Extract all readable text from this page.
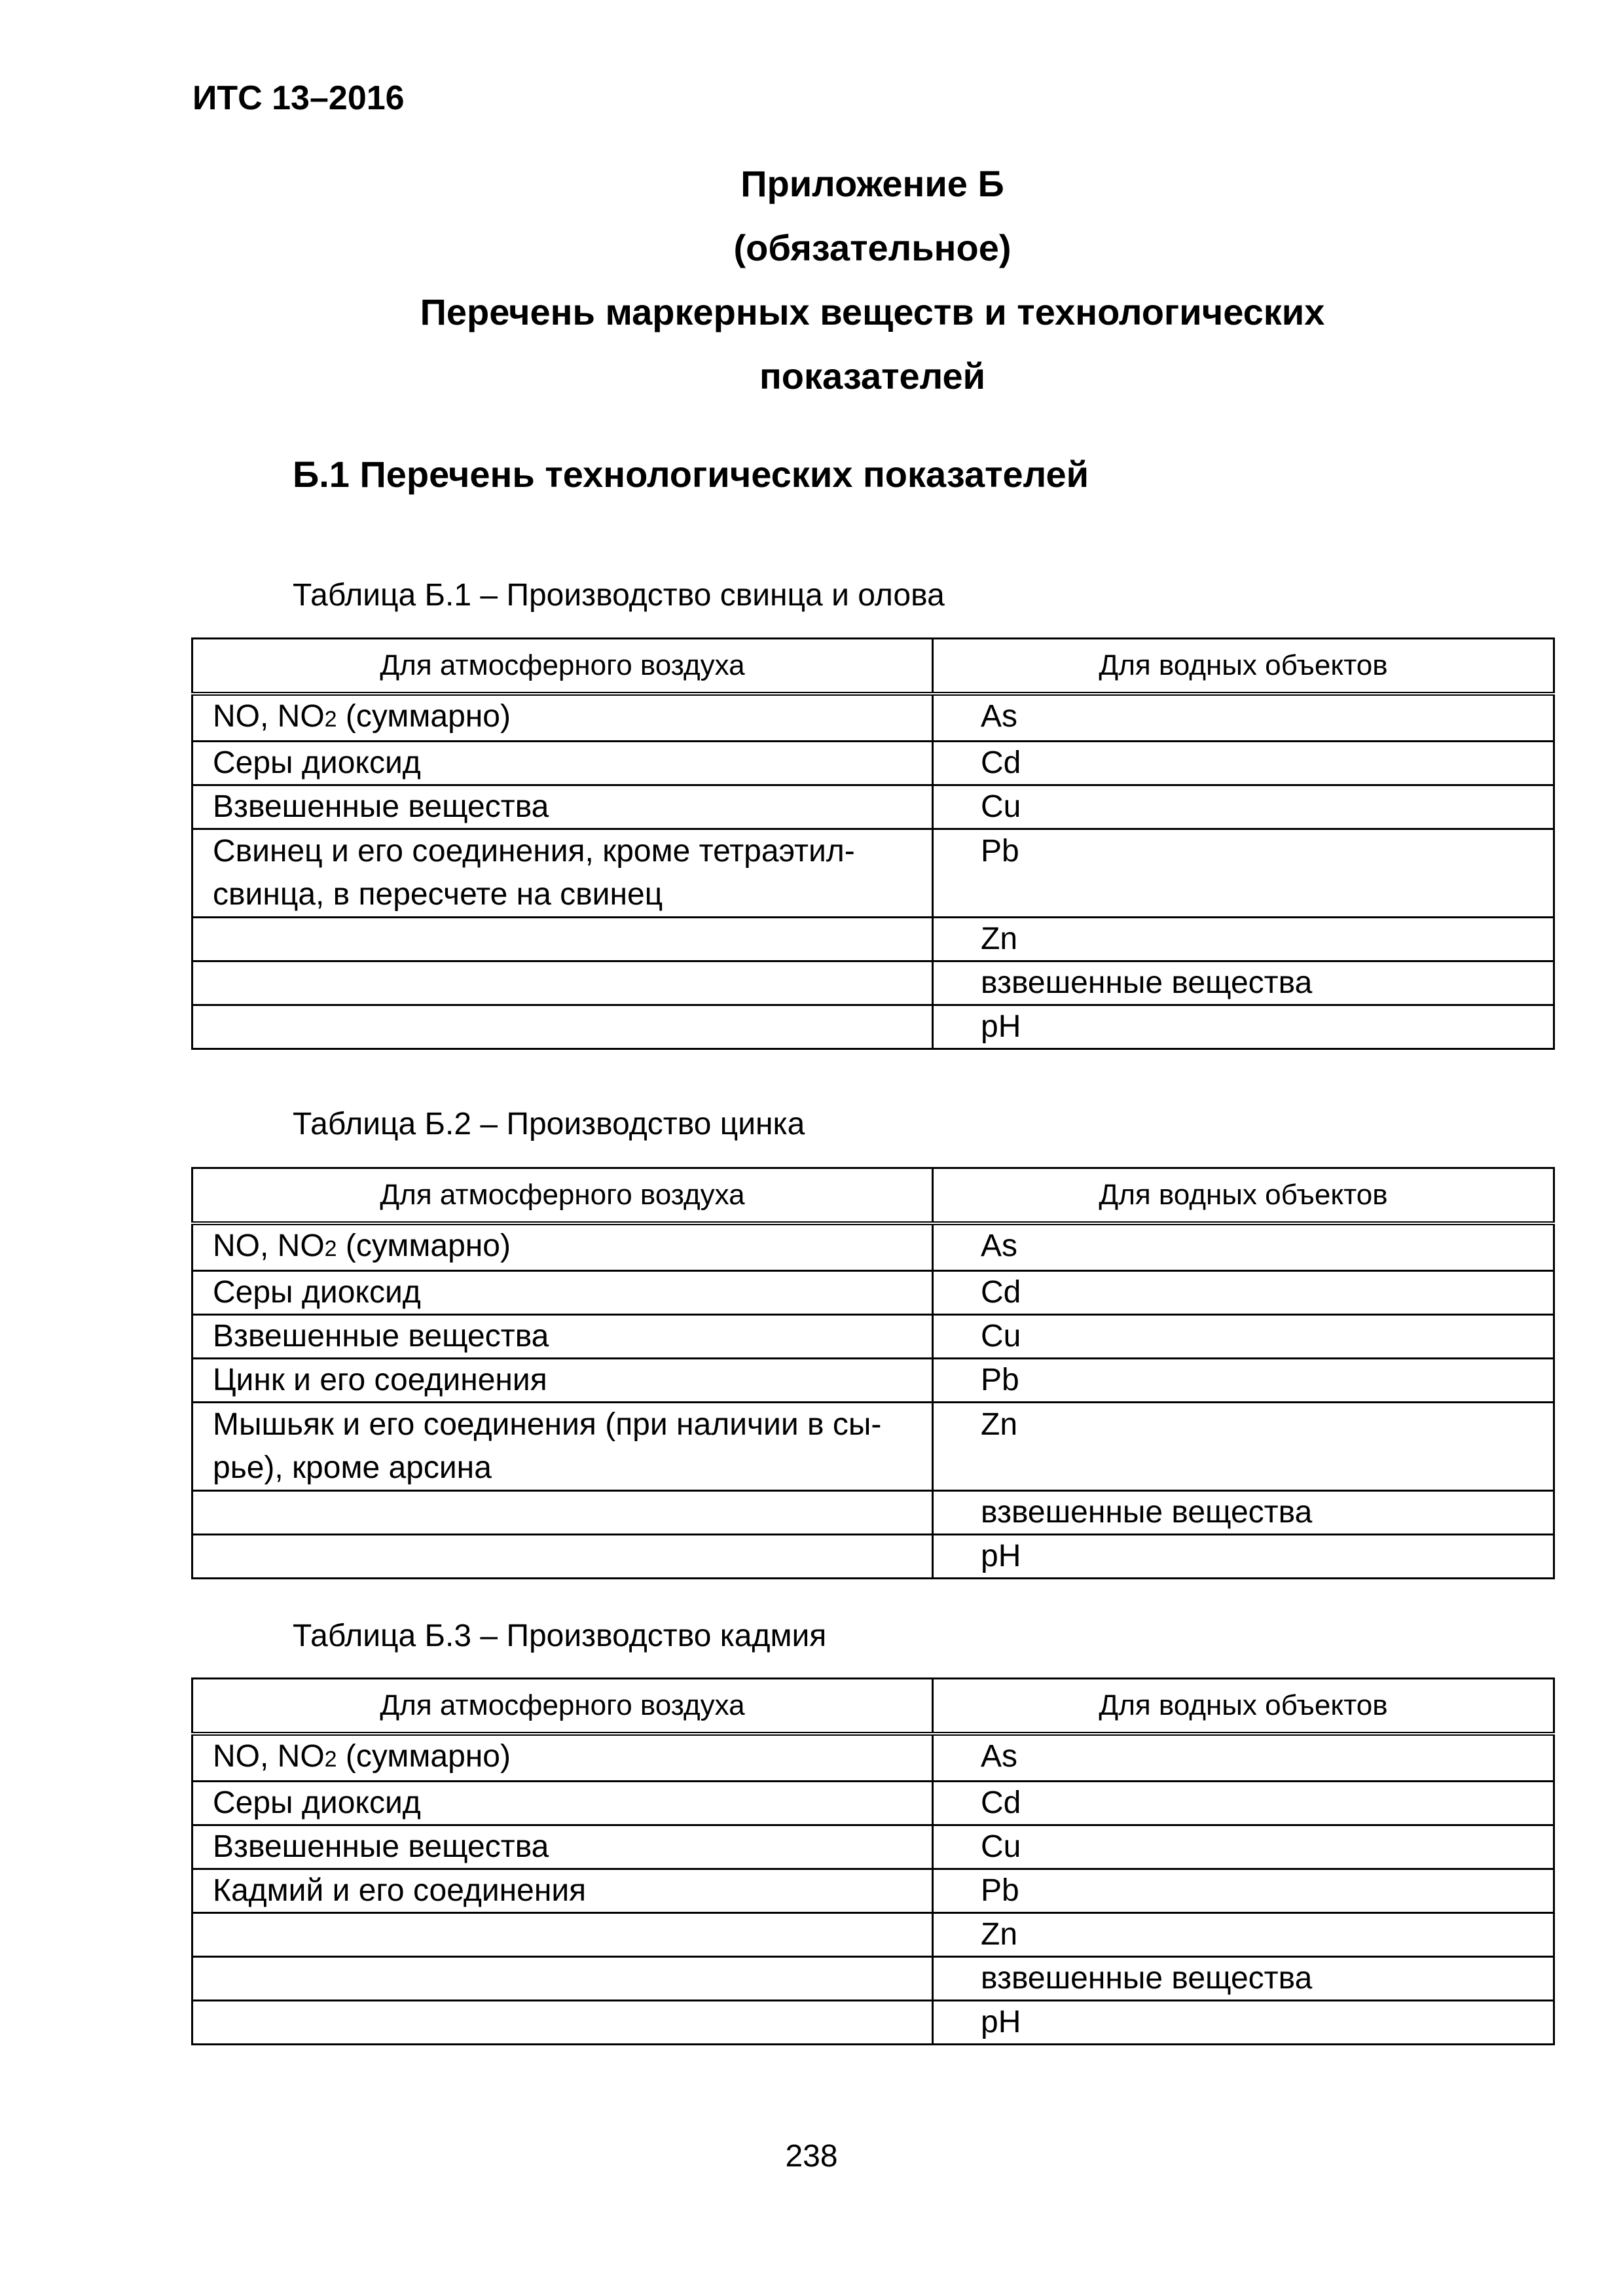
ИТС 13–2016
Приложение Б
(обязательное)
Перечень маркерных веществ и технологических
показателей
Б.1 Перечень технологических показателей
Таблица Б.1 – Производство свинца и олова
Для атмосферного воздуха	Для водных объектов
NO, NO2 (суммарно)	As
Серы диоксид	Cd
Взвешенные вещества	Cu

Свинец и его соединения, кроме тетраэтил-
свинца, в пересчете на свинец	Pb
	Zn
	взвешенные вещества
	pH
Таблица Б.2 – Производство цинка
Для атмосферного воздуха	Для водных объектов
NO, NO2 (суммарно)	As
Серы диоксид	Cd
Взвешенные вещества	Cu
Цинк и его соединения	Pb

Мышьяк и его соединения (при наличии в сы-
рье), кроме арсина	Zn
	взвешенные вещества
	pH
Таблица Б.3 – Производство кадмия
Для атмосферного воздуха	Для водных объектов
NO, NO2 (суммарно)	As
Серы диоксид	Cd
Взвешенные вещества	Cu
Кадмий и его соединения	Pb
	Zn
	взвешенные вещества
	pH
238
